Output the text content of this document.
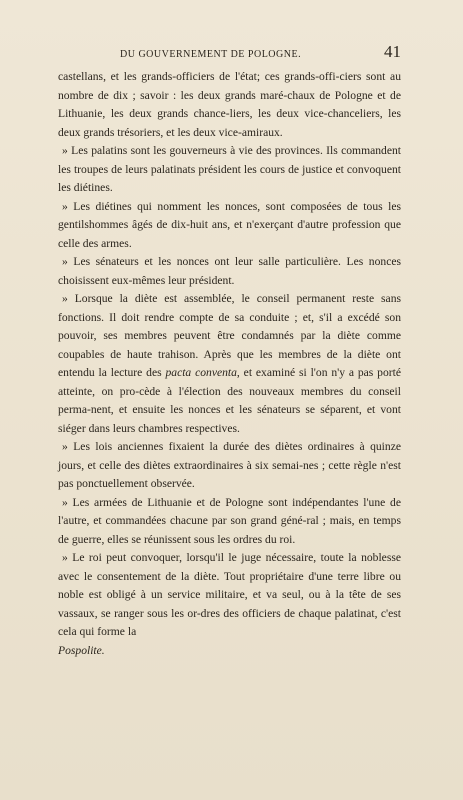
DU GOUVERNEMENT DE POLOGNE.	41

castellans, et les grands-officiers de l'état; ces grands-offi-ciers sont au nombre de dix ; savoir : les deux grands maré-chaux de Pologne et de Lithuanie, les deux grands chance-liers, les deux vice-chanceliers, les deux grands trésoriers, et les deux vice-amiraux.

» Les palatins sont les gouverneurs à vie des provinces. Ils commandent les troupes de leurs palatinats président les cours de justice et convoquent les diétines.

» Les diétines qui nomment les nonces, sont composées de tous les gentilshommes âgés de dix-huit ans, et n'exerçant d'autre profession que celle des armes.

» Les sénateurs et les nonces ont leur salle particulière. Les nonces choisissent eux-mêmes leur président.

» Lorsque la diète est assemblée, le conseil permanent reste sans fonctions. Il doit rendre compte de sa conduite ; et, s'il a excédé son pouvoir, ses membres peuvent être condamnés par la diète comme coupables de haute trahison. Après que les membres de la diète ont entendu la lecture des pacta conventa, et examiné si l'on n'y a pas porté atteinte, on pro-cède à l'élection des nouveaux membres du conseil perma-nent, et ensuite les nonces et les sénateurs se séparent, et vont siéger dans leurs chambres respectives.

» Les lois anciennes fixaient la durée des diètes ordinaires à quinze jours, et celle des diètes extraordinaires à six semai-nes ; cette règle n'est pas ponctuellement observée.

» Les armées de Lithuanie et de Pologne sont indépendantes l'une de l'autre, et commandées chacune par son grand géné-ral ; mais, en temps de guerre, elles se réunissent sous les ordres du roi.

» Le roi peut convoquer, lorsqu'il le juge nécessaire, toute la noblesse avec le consentement de la diète. Tout propriétaire d'une terre libre ou noble est obligé à un service militaire, et va seul, ou à la tête de ses vassaux, se ranger sous les or-dres des officiers de chaque palatinat, c'est cela qui forme la
Pospolite.
